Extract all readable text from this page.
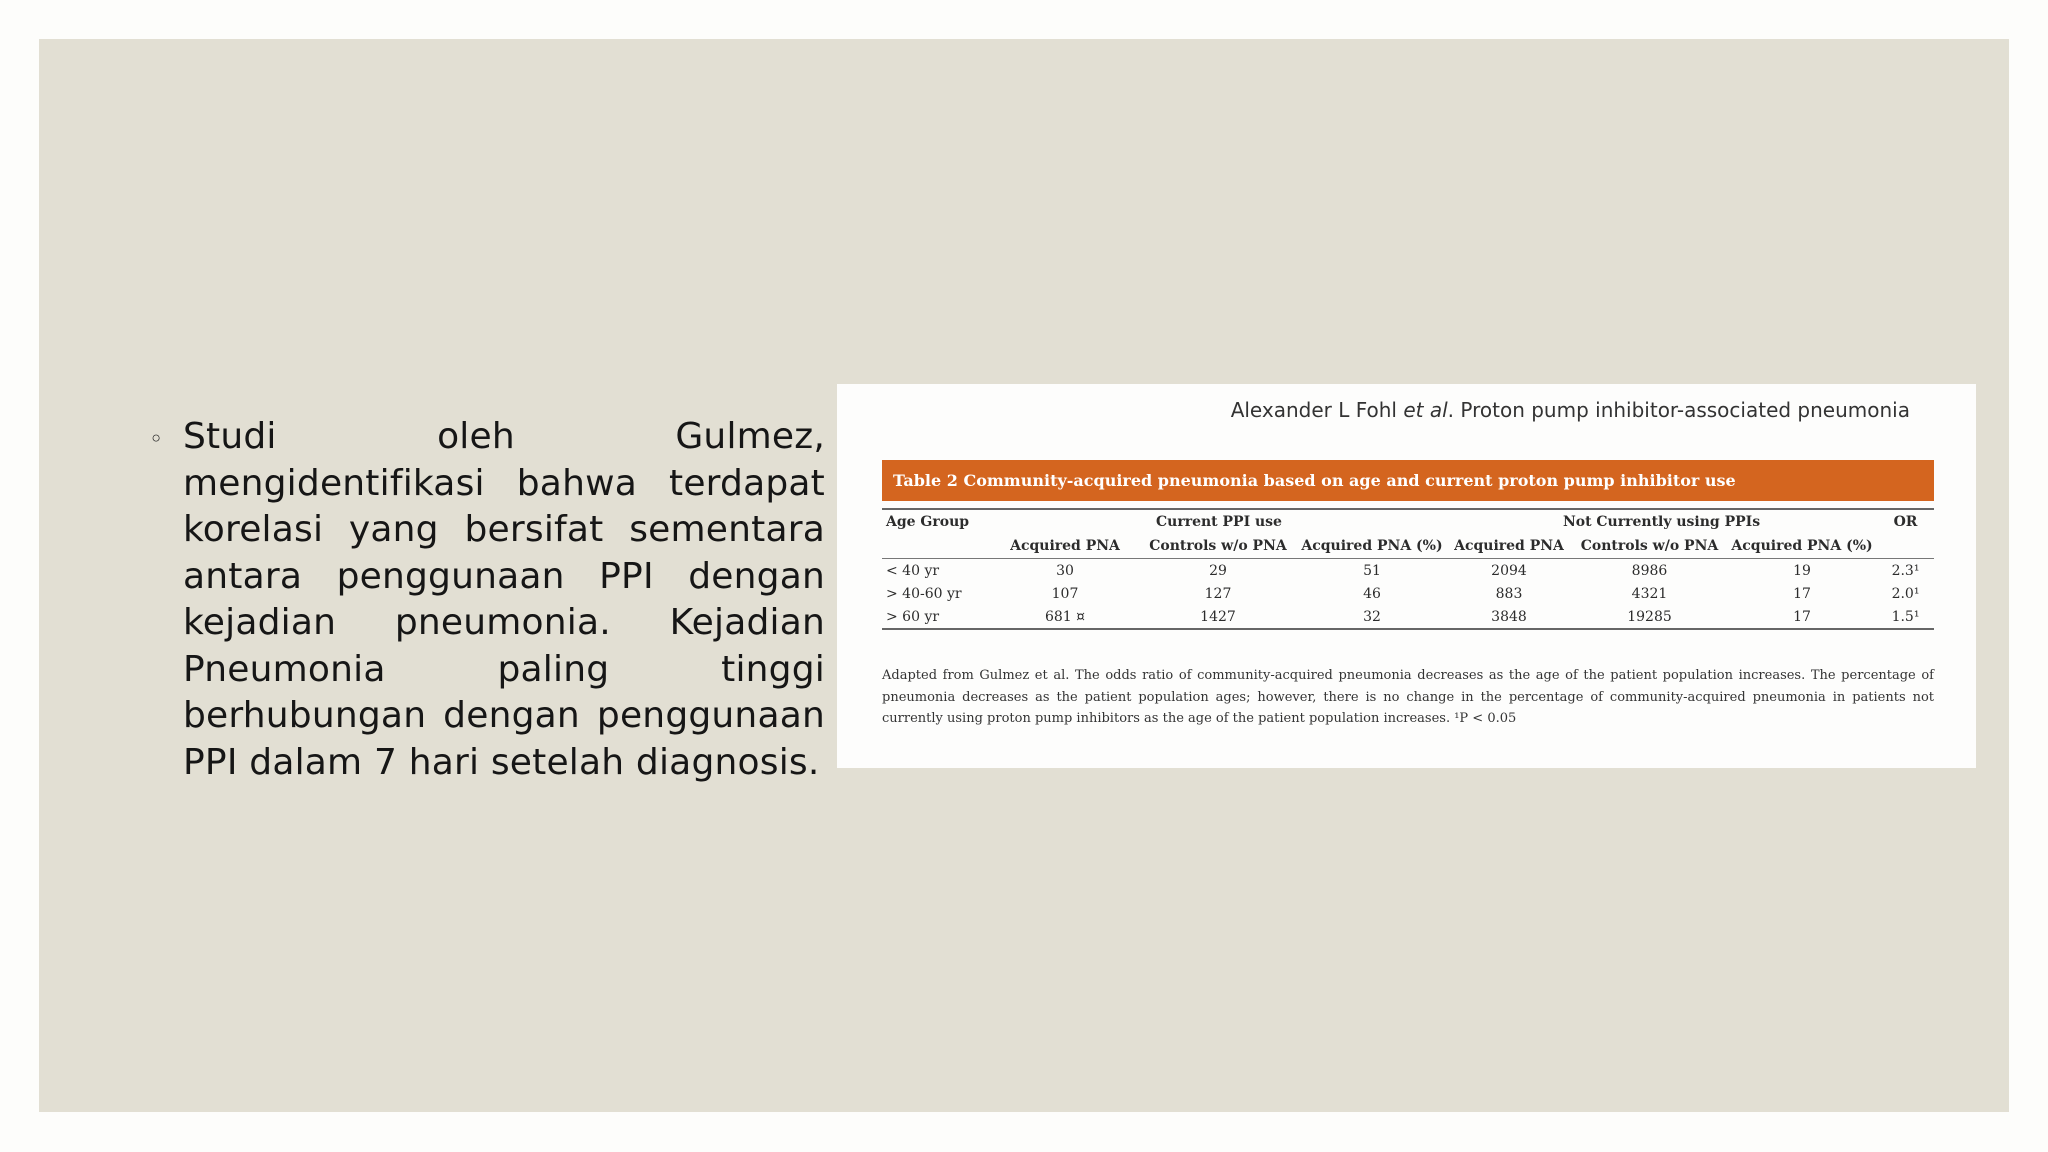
◦ Studi oleh Gulmez, mengidentifikasi bahwa terdapat korelasi yang bersifat sementara antara penggunaan PPI dengan kejadian pneumonia. Kejadian Pneumonia paling tinggi berhubungan dengan penggunaan PPI dalam 7 hari setelah diagnosis.
Alexander L Fohl et al. Proton pump inhibitor-associated pneumonia
Table 2 Community-acquired pneumonia based on age and current proton pump inhibitor use
Age Group	Current PPI use			Not Currently using PPIs			OR
	Acquired PNA	Controls w/o PNA	Acquired PNA (%)	Acquired PNA	Controls w/o PNA	Acquired PNA (%)	
< 40 yr	30	29	51	2094	8986	19	2.3¹
> 40-60 yr	107	127	46	883	4321	17	2.0¹
> 60 yr	681 ¤	1427	32	3848	19285	17	1.5¹
Adapted from Gulmez et al. The odds ratio of community-acquired pneumonia decreases as the age of the patient population increases. The percentage of pneumonia decreases as the patient population ages; however, there is no change in the percentage of community-acquired pneumonia in patients not currently using proton pump inhibitors as the age of the patient population increases. ¹P < 0.05
